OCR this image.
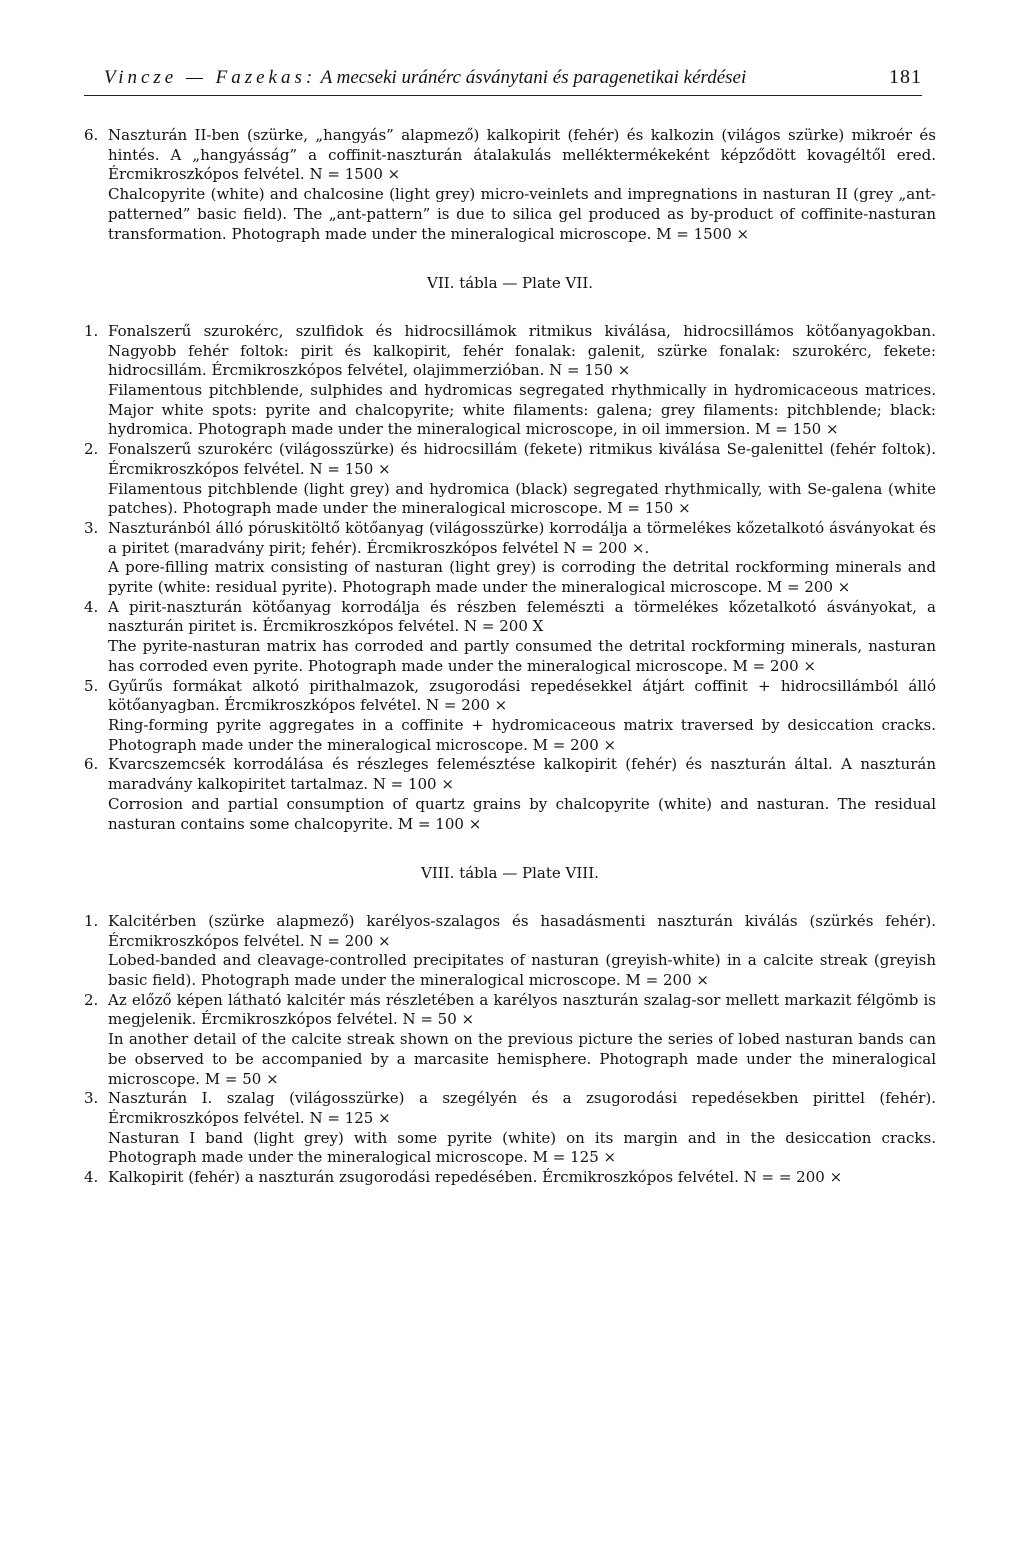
Vincze — Fazekas: A mecseki uránérc ásványtani és paragenetikai kérdései	181
6. Naszturán II-ben (szürke, „hangyás” alapmező) kalkopirit (fehér) és kalkozin (világos szürke) mikroér és hintés. A „hangyásság” a coffinit-naszturán átalakulás melléktermékeként képződött kovagéltől ered. Ércmikroszkópos felvétel. N = 1500 ×

Chalcopyrite (white) and chalcosine (light grey) micro-veinlets and impregnations in nasturan II (grey „ant-patterned” basic field). The „ant-pattern” is due to silica gel produced as by-product of coffinite-nasturan transformation. Photograph made under the mineralogical microscope. M = 1500 ×

VII. tábla — Plate VII.
1. Fonalszerű szurokérc, szulfidok és hidrocsillámok ritmikus kiválása, hidrocsillámos kötőanyagokban. Nagyobb fehér foltok: pirit és kalkopirit, fehér fonalak: galenit, szürke fonalak: szurokérc, fekete: hidrocsillám. Ércmikroszkópos felvétel, olajimmerzióban. N = 150 ×

Filamentous pitchblende, sulphides and hydromicas segregated rhythmically in hydromicaceous matrices. Major white spots: pyrite and chalcopyrite; white filaments: galena; grey filaments: pitchblende; black: hydromica. Photograph made under the mineralogical microscope, in oil immersion. M = 150 ×

2. Fonalszerű szurokérc (világosszürke) és hidrocsillám (fekete) ritmikus kiválása Se-galenittel (fehér foltok). Ércmikroszkópos felvétel. N = 150 ×

Filamentous pitchblende (light grey) and hydromica (black) segregated rhythmically, with Se-galena (white patches). Photograph made under the mineralogical microscope. M = 150 ×

3. Naszturánból álló póruskitöltő kötőanyag (világosszürke) korrodálja a törmelékes kőzetalkotó ásványokat és a piritet (maradvány pirit; fehér). Ércmikroszkópos felvétel N = 200 ×.

A pore-filling matrix consisting of nasturan (light grey) is corroding the detrital rockforming minerals and pyrite (white: residual pyrite). Photograph made under the mineralogical microscope. M = 200 ×

4. A pirit-naszturán kötőanyag korrodálja és részben felemészti a törmelékes kőzetalkotó ásványokat, a naszturán piritet is. Ércmikroszkópos felvétel. N = 200 X

The pyrite-nasturan matrix has corroded and partly consumed the detrital rockforming minerals, nasturan has corroded even pyrite. Photograph made under the mineralogical microscope. M = 200 ×

5. Gyűrűs formákat alkotó pirithalmazok, zsugorodási repedésekkel átjárt coffinit + hidrocsillámból álló kötőanyagban. Ércmikroszkópos felvétel. N = 200 ×

Ring-forming pyrite aggregates in a coffinite + hydromicaceous matrix traversed by desiccation cracks. Photograph made under the mineralogical microscope. M = 200 ×

6. Kvarcszemcsék korrodálása és részleges felemésztése kalkopirit (fehér) és naszturán által. A naszturán maradvány kalkopiritet tartalmaz. N = 100 ×

Corrosion and partial consumption of quartz grains by chalcopyrite (white) and nasturan. The residual nasturan contains some chalcopyrite. M = 100 ×

VIII. tábla — Plate VIII.
1. Kalcitérben (szürke alapmező) karélyos-szalagos és hasadásmenti naszturán kiválás (szürkés fehér). Ércmikroszkópos felvétel. N = 200 ×

Lobed-banded and cleavage-controlled precipitates of nasturan (greyish-white) in a calcite streak (greyish basic field). Photograph made under the mineralogical microscope. M = 200 ×

2. Az előző képen látható kalcitér más részletében a karélyos naszturán szalag-sor mellett markazit félgömb is megjelenik. Ércmikroszkópos felvétel. N = 50 ×

In another detail of the calcite streak shown on the previous picture the series of lobed nasturan bands can be observed to be accompanied by a marcasite hemisphere. Photograph made under the mineralogical microscope. M = 50 ×

3. Naszturán I. szalag (világosszürke) a szegélyén és a zsugorodási repedésekben pirittel (fehér). Ércmikroszkópos felvétel. N = 125 ×

Nasturan I band (light grey) with some pyrite (white) on its margin and in the desiccation cracks. Photograph made under the mineralogical microscope. M = 125 ×

4. Kalkopirit (fehér) a naszturán zsugorodási repedésében. Ércmikroszkópos felvétel. N = = 200 ×
